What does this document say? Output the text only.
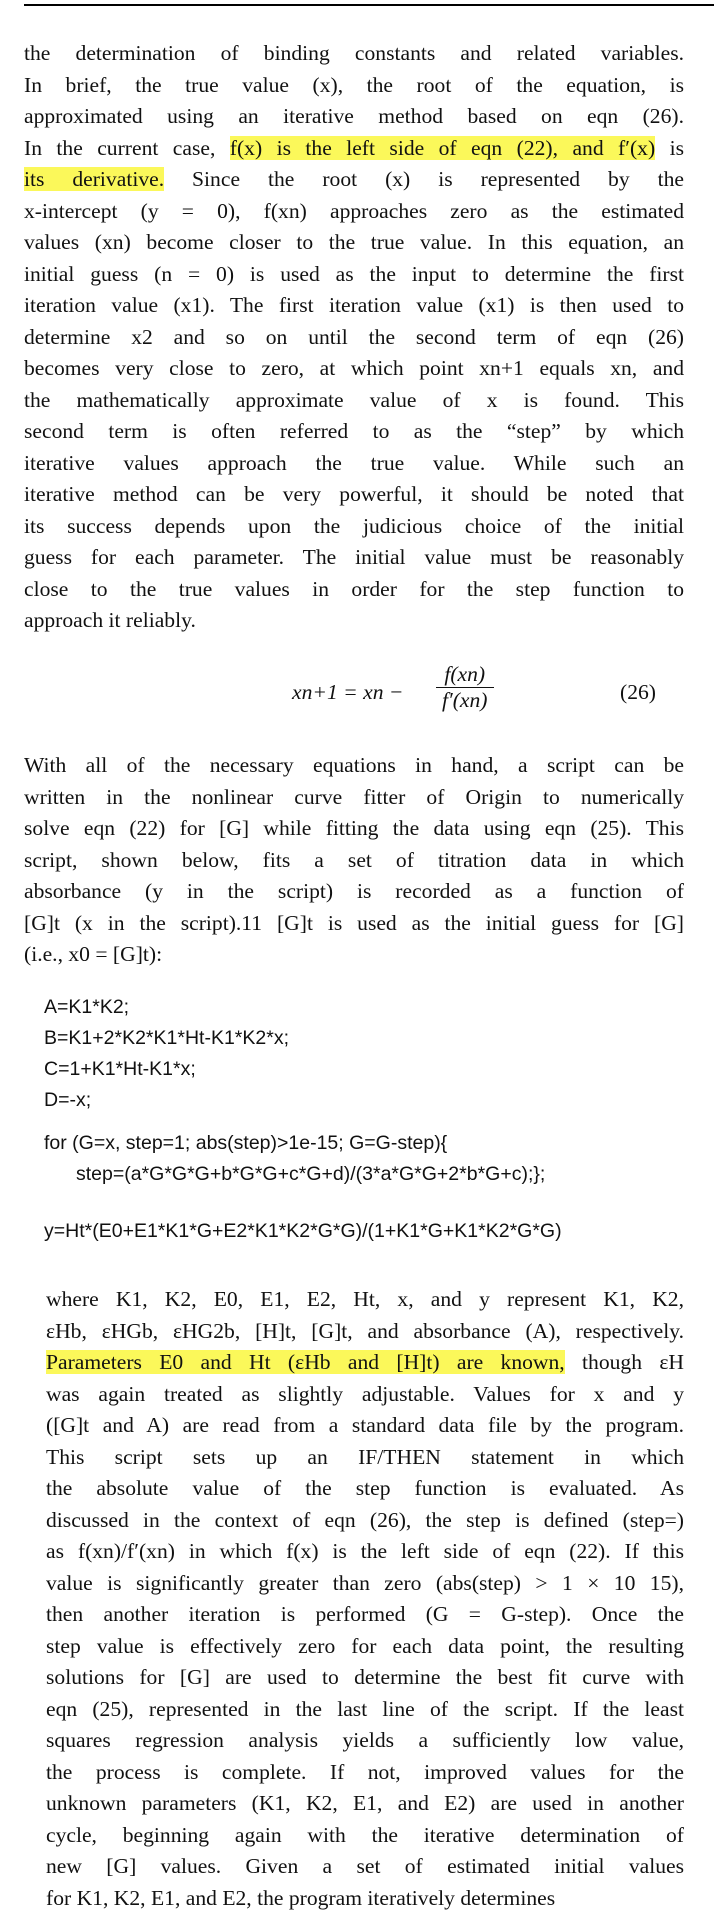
the determination of binding constants and related variables.
In brief, the true value (x), the root of the equation, is
approximated using an iterative method based on eqn (26).
In the current case, f(x) is the left side of eqn (22), and f′(x) is
its derivative. Since the root (x) is represented by the
x-intercept (y = 0), f(xn) approaches zero as the estimated
values (xn) become closer to the true value. In this equation, an
initial guess (n = 0) is used as the input to determine the first
iteration value (x1). The first iteration value (x1) is then used to
determine x2 and so on until the second term of eqn (26)
becomes very close to zero, at which point xn+1 equals xn, and
the mathematically approximate value of x is found. This
second term is often referred to as the “step” by which
iterative values approach the true value. While such an
iterative method can be very powerful, it should be noted that
its success depends upon the judicious choice of the initial
guess for each parameter. The initial value must be reasonably
close to the true values in order for the step function to
approach it reliably.

xn+1 = xn − $\frac{f(xn)}{f'(xn)}$	(26)

With all of the necessary equations in hand, a script can be
written in the nonlinear curve fitter of Origin to numerically
solve eqn (22) for [G] while fitting the data using eqn (25). This
script, shown below, fits a set of titration data in which
absorbance (y in the script) is recorded as a function of
[G]t (x in the script).11 [G]t is used as the initial guess for [G]
(i.e., x0 = [G]t):

A=K1*K2;
B=K1+2*K2*K1*Ht-K1*K2*x;
C=1+K1*Ht-K1*x;
D=-x;
for (G=x, step=1; abs(step)>1e-15; G=G-step){
step=(a*G*G*G+b*G*G+c*G+d)/(3*a*G*G+2*b*G+c);};
y=Ht*(E0+E1*K1*G+E2*K1*K2*G*G)/(1+K1*G+K1*K2*G*G)

where K1, K2, E0, E1, E2, Ht, x, and y represent K1, K2,
εHb, εHGb, εHG2b, [H]t, [G]t, and absorbance (A), respectively.
Parameters E0 and Ht (εHb and [H]t) are known, though εH
was again treated as slightly adjustable. Values for x and y
([G]t and A) are read from a standard data file by the program.
This script sets up an IF/THEN statement in which
the absolute value of the step function is evaluated. As
discussed in the context of eqn (26), the step is defined (step=)
as f(xn)/f′(xn) in which f(x) is the left side of eqn (22). If this
value is significantly greater than zero (abs(step) > 1 × 10 15),
then another iteration is performed (G = G-step). Once the
step value is effectively zero for each data point, the resulting
solutions for [G] are used to determine the best fit curve with
eqn (25), represented in the last line of the script. If the least
squares regression analysis yields a sufficiently low value,
the process is complete. If not, improved values for the
unknown parameters (K1, K2, E1, and E2) are used in another
cycle, beginning again with the iterative determination of
new [G] values. Given a set of estimated initial values
for K1, K2, E1, and E2, the program iteratively determines
